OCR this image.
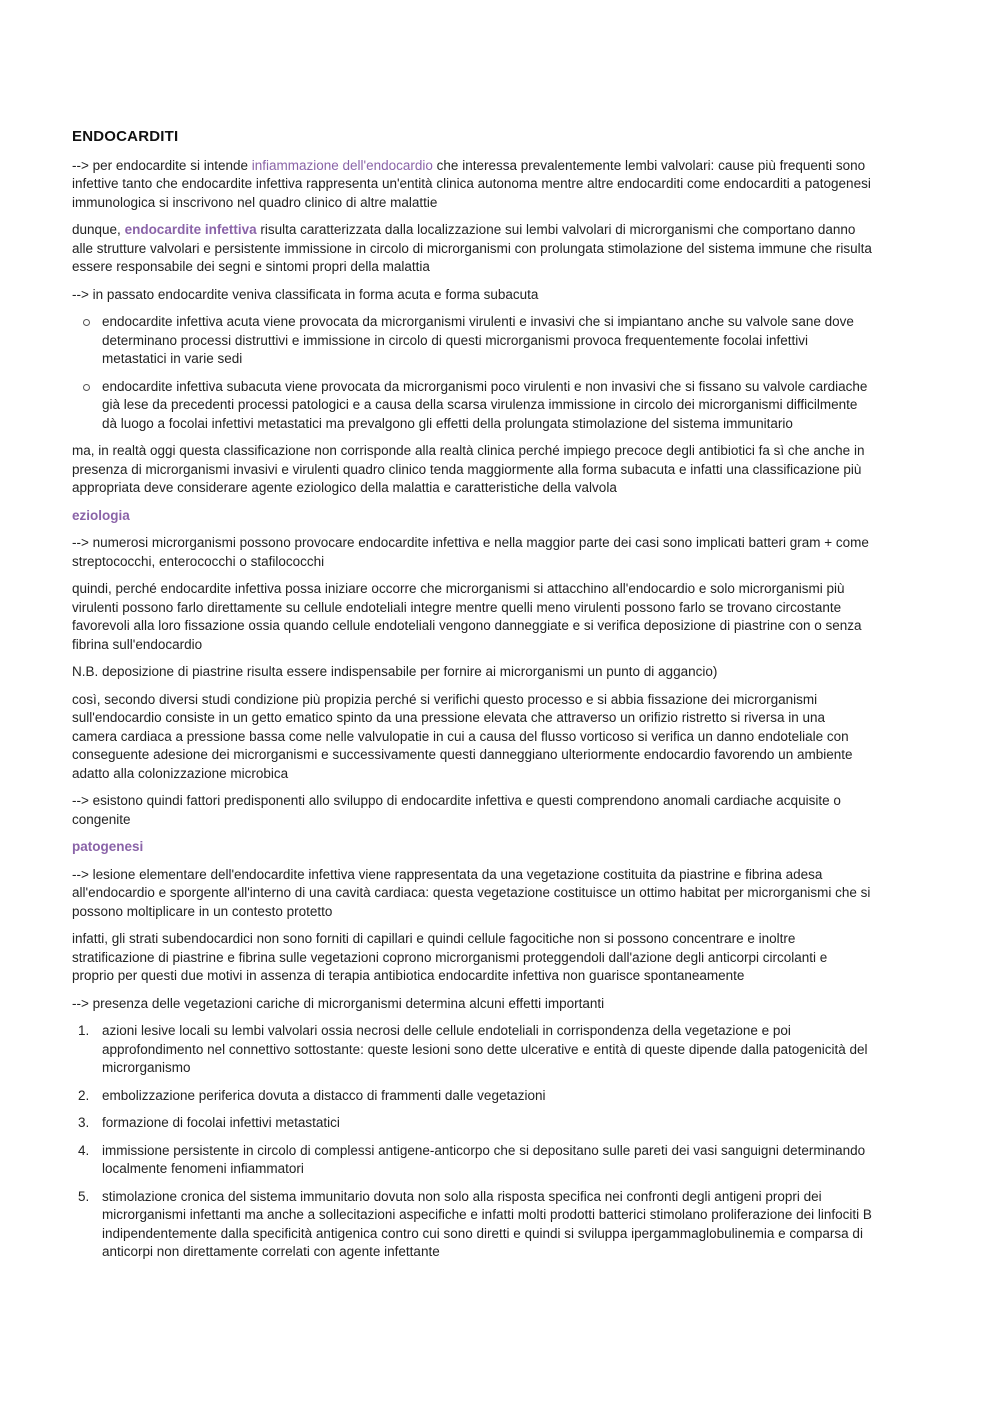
ENDOCARDITI

--> per endocardite si intende infiammazione dell'endocardio che interessa prevalentemente lembi valvolari: cause più frequenti sono infettive tanto che endocardite infettiva rappresenta un'entità clinica autonoma mentre altre endocarditi come endocarditi a patogenesi immunologica si inscrivono nel quadro clinico di altre malattie

dunque, endocardite infettiva risulta caratterizzata dalla localizzazione sui lembi valvolari di microrganismi che comportano danno alle strutture valvolari e persistente immissione in circolo di microrganismi con prolungata stimolazione del sistema immune che risulta essere responsabile dei segni e sintomi propri della malattia

--> in passato endocardite veniva classificata in forma acuta e forma subacuta

endocardite infettiva acuta viene provocata da microrganismi virulenti e invasivi che si impiantano anche su valvole sane dove determinano processi distruttivi e immissione in circolo di questi microrganismi provoca frequentemente focolai infettivi metastatici in varie sedi
endocardite infettiva subacuta viene provocata da microrganismi poco virulenti e non invasivi che si fissano su valvole cardiache già lese da precedenti processi patologici e a causa della scarsa virulenza immissione in circolo dei microrganismi difficilmente dà luogo a focolai infettivi metastatici ma prevalgono gli effetti della prolungata stimolazione del sistema immunitario

ma, in realtà oggi questa classificazione non corrisponde alla realtà clinica perché impiego precoce degli antibiotici fa sì che anche in presenza di microrganismi invasivi e virulenti quadro clinico tenda maggiormente alla forma subacuta e infatti una classificazione più appropriata deve considerare agente eziologico della malattia e caratteristiche della valvola

eziologia

--> numerosi microrganismi possono provocare endocardite infettiva e nella maggior parte dei casi sono implicati batteri gram + come streptococchi, enterococchi o stafilococchi

quindi, perché endocardite infettiva possa iniziare occorre che microrganismi si attacchino all'endocardio e solo microrganismi più virulenti possono farlo direttamente su cellule endoteliali integre mentre quelli meno virulenti possono farlo se trovano circostante favorevoli alla loro fissazione ossia quando cellule endoteliali vengono danneggiate e si verifica deposizione di piastrine con o senza fibrina sull'endocardio

N.B. deposizione di piastrine risulta essere indispensabile per fornire ai microrganismi un punto di aggancio)

così, secondo diversi studi condizione più propizia perché si verifichi questo processo e si abbia fissazione dei microrganismi sull'endocardio consiste in un getto ematico spinto da una pressione elevata che attraverso un orifizio ristretto si riversa in una camera cardiaca a pressione bassa come nelle valvulopatie in cui a causa del flusso vorticoso si verifica un danno endoteliale con conseguente adesione dei microrganismi e successivamente questi danneggiano ulteriormente endocardio favorendo un ambiente adatto alla colonizzazione microbica

--> esistono quindi fattori predisponenti allo sviluppo di endocardite infettiva e questi comprendono anomali cardiache acquisite o congenite

patogenesi

--> lesione elementare dell'endocardite infettiva viene rappresentata da una vegetazione costituita da piastrine e fibrina adesa all'endocardio e sporgente all'interno di una cavità cardiaca: questa vegetazione costituisce un ottimo habitat per microrganismi che si possono moltiplicare in un contesto protetto

infatti, gli strati subendocardici non sono forniti di capillari e quindi cellule fagocitiche non si possono concentrare e inoltre stratificazione di piastrine e fibrina sulle vegetazioni coprono microrganismi proteggendoli dall'azione degli anticorpi circolanti e proprio per questi due motivi in assenza di terapia antibiotica endocardite infettiva non guarisce spontaneamente

--> presenza delle vegetazioni cariche di microrganismi determina alcuni effetti importanti

1. azioni lesive locali su lembi valvolari ossia necrosi delle cellule endoteliali in corrispondenza della vegetazione e poi approfondimento nel connettivo sottostante: queste lesioni sono dette ulcerative e entità di queste dipende dalla patogenicità del microrganismo
2. embolizzazione periferica dovuta a distacco di frammenti dalle vegetazioni
3. formazione di focolai infettivi metastatici
4. immissione persistente in circolo di complessi antigene-anticorpo che si depositano sulle pareti dei vasi sanguigni determinando localmente fenomeni infiammatori
5. stimolazione cronica del sistema immunitario dovuta non solo alla risposta specifica nei confronti degli antigeni propri dei microrganismi infettanti ma anche a sollecitazioni aspecifiche e infatti molti prodotti batterici stimolano proliferazione dei linfociti B indipendentemente dalla specificità antigenica contro cui sono diretti e quindi si sviluppa ipergammaglobulinemia e comparsa di anticorpi non direttamente correlati con agente infettante
